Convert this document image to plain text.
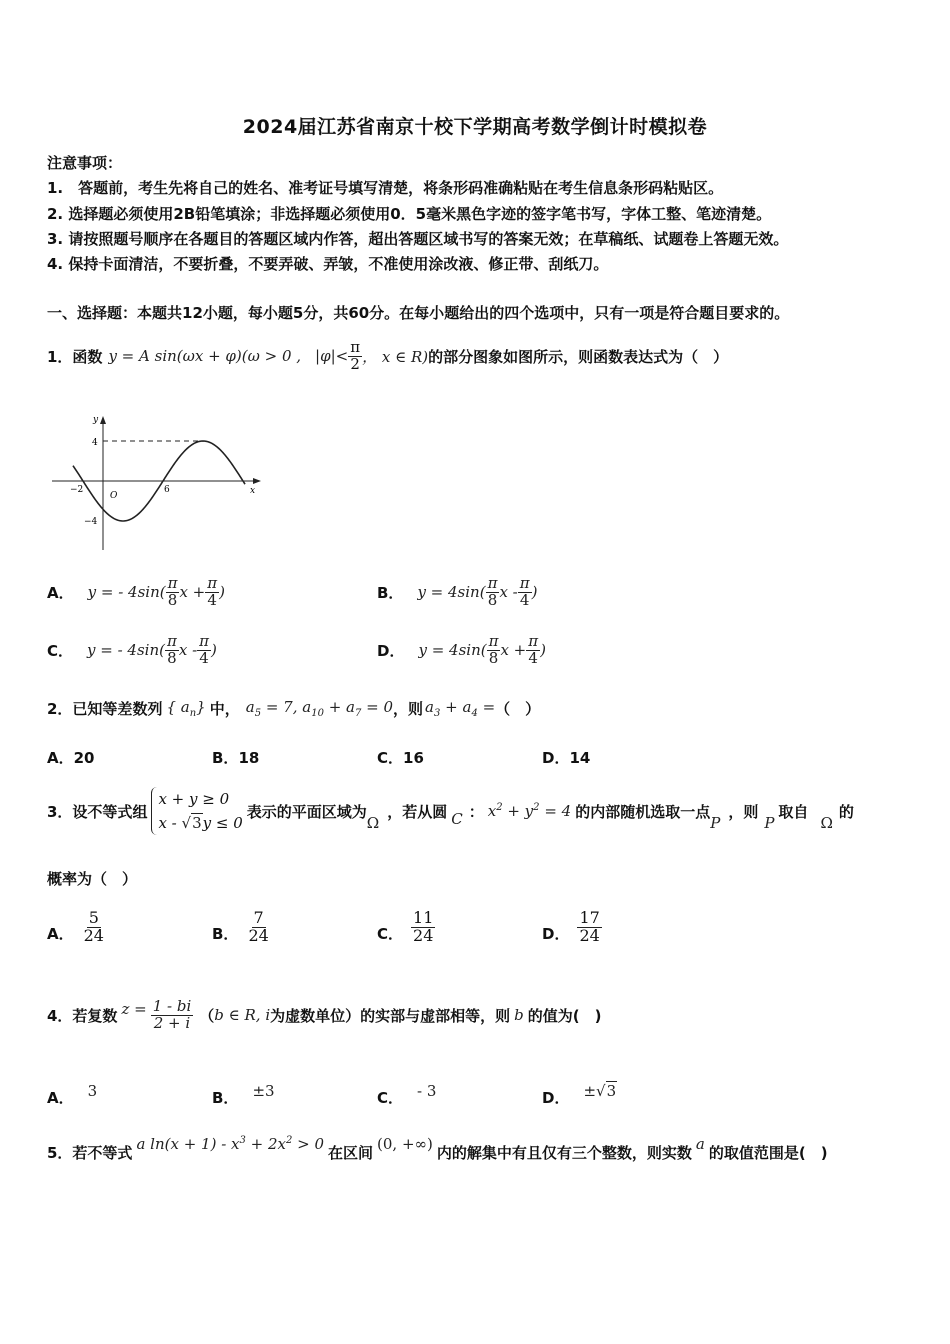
2024届江苏省南京十校下学期高考数学倒计时模拟卷
注意事项：
1.　答题前，考生先将自己的姓名、准考证号填写清楚，将条形码准确粘贴在考生信息条形码粘贴区。
2. 选择题必须使用2B铅笔填涂；非选择题必须使用0．5毫米黑色字迹的签字笔书写，字体工整、笔迹清楚。
3. 请按照题号顺序在各题目的答题区域内作答，超出答题区域书写的答案无效；在草稿纸、试题卷上答题无效。
4. 保持卡面清洁，不要折叠，不要弄破、弄皱，不准使用涂改液、修正带、刮纸刀。
一、选择题：本题共12小题，每小题5分，共60分。在每小题给出的四个选项中，只有一项是符合题目要求的。
1．函数 y = A sin(ωx + φ)(ω > 0 , $|\varphi|< \frac{\pi}{2}$ ， x ∈ R) 的部分图象如图所示，则函数表达式为（　）
y
x
4
−4
−2
O
6
A． y = - $4\sin( \frac{\pi}{8}$ $x + \frac{\pi}{4}$ )	B． $y = 4\sin( \frac{\pi}{8}$ x - $\frac{\pi}{4}$ )
C． y = - $4\sin( \frac{\pi}{8}$ x - $\frac{\pi}{4}$ )	D． $y = 4\sin( \frac{\pi}{8}$ $x + \frac{\pi}{4}$ )
2．已知等差数列 { $a_n$} 中， $a_5 = 7$, $a_{10} + a_7 = 0$ ，则 $a_3 + a_4$ = （　）
A．20	B．18	C．16	D．14
3．设不等式组
x + y ≥ 0
x - √3y ≤ 0
表示的平面区域为
Ω
，若从圆 C ： $x^2 + y^2 = 4$ 的内部随机选取一点
P
，则
P
取自
Ω
的
概率为（　）
A． $\frac{5}{24}$	B． $\frac{7}{24}$	C． $\frac{11}{24}$	D． $\frac{17}{24}$
4．若复数 $z = \frac{1 - bi}{2 + i}$ （ b ∈ R, i 为虚数单位）的实部与虚部相等，则 b 的值为(　)
A． 3	B． ±3	C． - 3	D． ±√3
5．若不等式 a $\ln(x + 1) - x^3 + 2x^2 > 0$ 在区间 (0, +∞) 内的解集中有且仅有三个整数，则实数 a 的取值范围是(　)
